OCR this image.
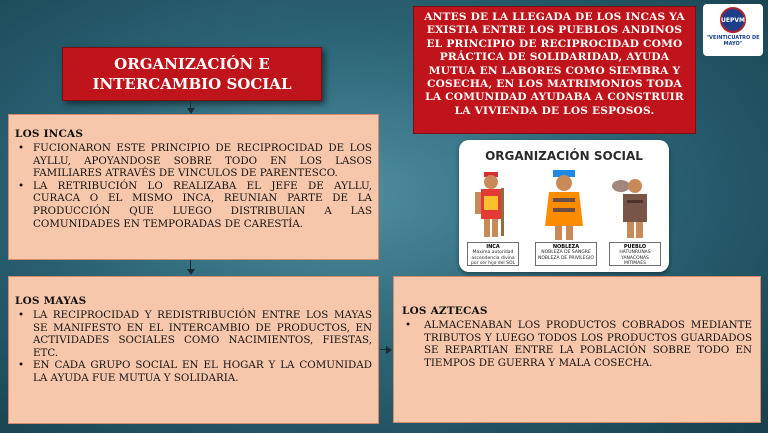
ORGANIZACIÓN E
INTERCAMBIO SOCIAL
ANTES DE LA LLEGADA DE LOS INCAS YA EXISTIA ENTRE LOS PUEBLOS ANDINOS EL PRINCIPIO DE RECIPROCIDAD COMO PRÁCTICA DE SOLIDARIDAD, AYUDA MUTUA EN LABORES COMO SIEMBRA Y COSECHA, EN LOS MATRIMONIOS TODA LA COMUNIDAD AYUDABA A CONSTRUIR LA VIVIENDA DE LOS ESPOSOS.
UEPVM
"VEINTICUATRO DE MAYO"
LOS INCAS
• FUCIONARON ESTE PRINCIPIO DE RECIPROCIDAD DE LOS AYLLU, APOYANDOSE SOBRE TODO EN LOS LASOS FAMILIARES ATRAVÉS DE VINCULOS DE PARENTESCO.
• LA RETRIBUCIÓN LO REALIZABA EL JEFE DE AYLLU, CURACA O EL MISMO INCA, REUNIAN PARTE DE LA PRODUCCIÓN QUE LUEGO DISTRIBUIAN A LAS COMUNIDADES EN TEMPORADAS DE CARESTÍA.
LOS MAYAS
• LA RECIPROCIDAD Y REDISTRIBUCIÓN ENTRE LOS MAYAS SE MANIFESTO EN EL INTERCAMBIO DE PRODUCTOS, EN ACTIVIDADES SOCIALES COMO NACIMIENTOS, FIESTAS, ETC.
• EN CADA GRUPO SOCIAL EN EL HOGAR Y LA COMUNIDAD LA AYUDA FUE MUTUA Y SOLIDARIA.
LOS AZTECAS
• ALMACENABAN LOS PRODUCTOS COBRADOS MEDIANTE TRIBUTOS Y LUEGO TODOS LOS PRODUCTOS GUARDADOS SE REPARTIAN ENTRE LA POBLACIÓN SOBRE TODO EN TIEMPOS DE GUERRA Y MALA COSECHA.
ORGANIZACIÓN SOCIAL
INCA
Máxima autoridad ascendencia divina por ser hijo del SOL
NOBLEZA
NOBLEZA DE SANGRE NOBLEZA DE PRIVILEGIO
PUEBLO
HATUNRUNAS YANACONAS MITIMAES
